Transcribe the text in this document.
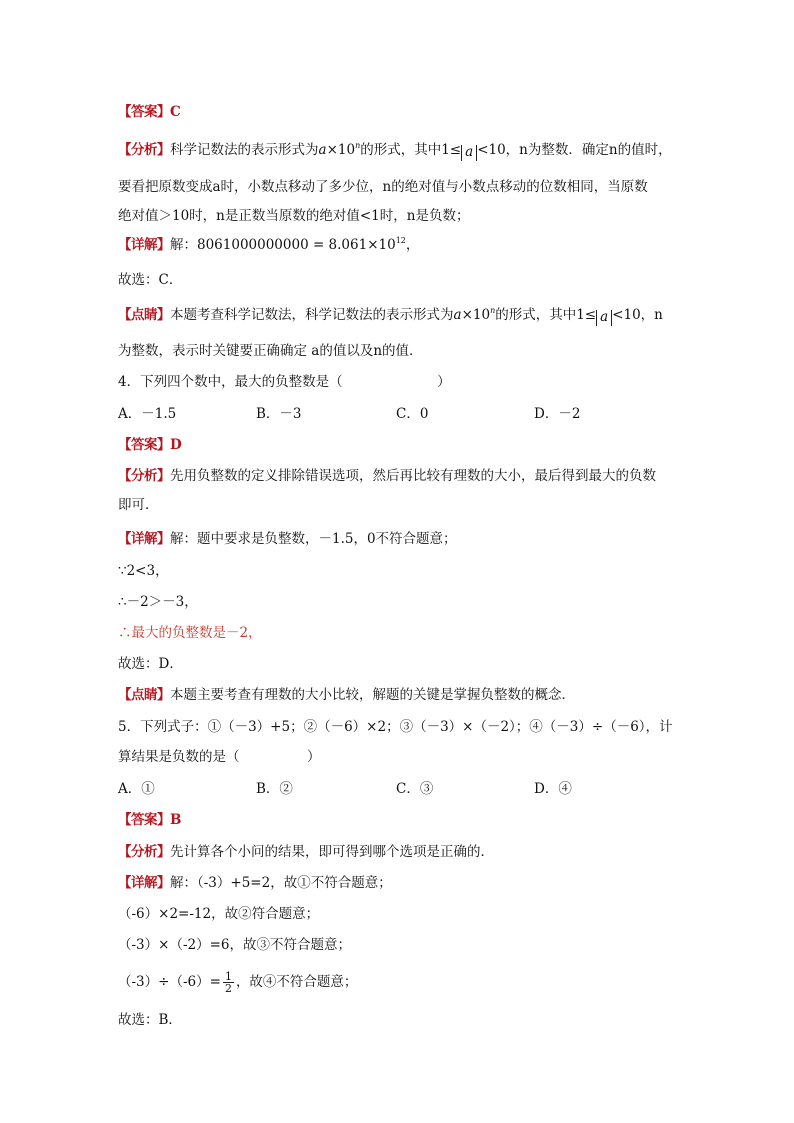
【答案】C
【分析】科学记数法的表示形式为$a\times 10^n$的形式，其中1≤ a <10，n为整数．确定n的值时，
要看把原数变成a时，小数点移动了多少位，n的绝对值与小数点移动的位数相同，当原数
绝对值＞10时，n是正数当原数的绝对值<1时，n是负数；
【详解】解：$8061000000000 = 8.061\times 10^{12}$，
故选：C．
【点睛】本题考查科学记数法，科学记数法的表示形式为$a\times 10^n$的形式，其中1≤ a <10，n
为整数，表示时关键要正确确定 a的值以及n的值．
4．下列四个数中，最大的负整数是（　　　　　　　）
A．－1.5	B．－3	C．0	D．－2
【答案】D
【分析】先用负整数的定义排除错误选项，然后再比较有理数的大小，最后得到最大的负数
即可．
【详解】解：题中要求是负整数，－1.5，0不符合题意；
∵2<3，
∴－2＞－3，
∴最大的负整数是－2，
故选：D．
【点睛】本题主要考查有理数的大小比较，解题的关键是掌握负整数的概念．
5．下列式子：①（－3）+5；②（－6）×2；③（－3）×（－2）；④（－3）÷（－6），计
算结果是负数的是（　　　　　）
A．①	B．②	C．③	D．④
【答案】B
【分析】先计算各个小问的结果，即可得到哪个选项是正确的．
【详解】解：（-3）+5=2，故①不符合题意；
（-6）×2=-12，故②符合题意；
（-3）×（-2）=6，故③不符合题意；
$(-3)\div(-6)= \frac{1}{2}$ ，故④不符合题意；
故选：B．
